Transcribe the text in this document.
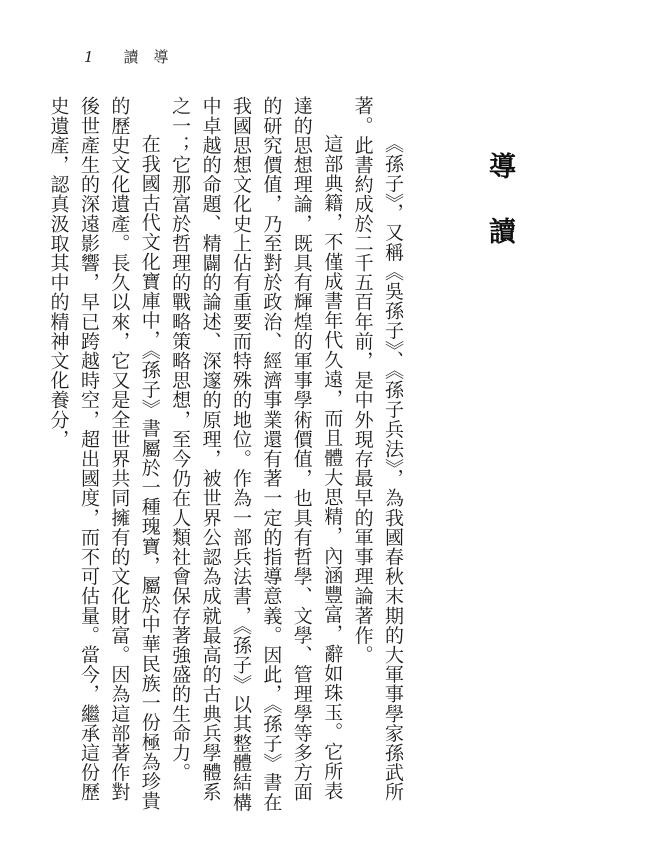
1 讀　導
導讀

《孫子》，又稱《吳孫子》、《孫子兵法》，為我國春秋末期的大軍事學家孫武所著。此書約成於二千五百年前，是中外現存最早的軍事理論著作。

這部典籍，不僅成書年代久遠，而且體大思精，內涵豐富，辭如珠玉。它所表達的思想理論，既具有輝煌的軍事學術價值，也具有哲學、文學、管理學等多方面的研究價值，乃至對於政治、經濟事業還有著一定的指導意義。因此，《孫子》書在我國思想文化史上佔有重要而特殊的地位。作為一部兵法書，《孫子》以其整體結構中卓越的命題、精闢的論述、深邃的原理，被世界公認為成就最高的古典兵學體系之一；它那富於哲理的戰略策略思想，至今仍在人類社會保存著強盛的生命力。

在我國古代文化寶庫中，《孫子》書屬於一種瑰寶，屬於中華民族一份極為珍貴的歷史文化遺產。長久以來，它又是全世界共同擁有的文化財富。因為這部著作對後世產生的深遠影響，早已跨越時空，超出國度，而不可估量。當今，繼承這份歷史遺產，認真汲取其中的精神文化養分，
